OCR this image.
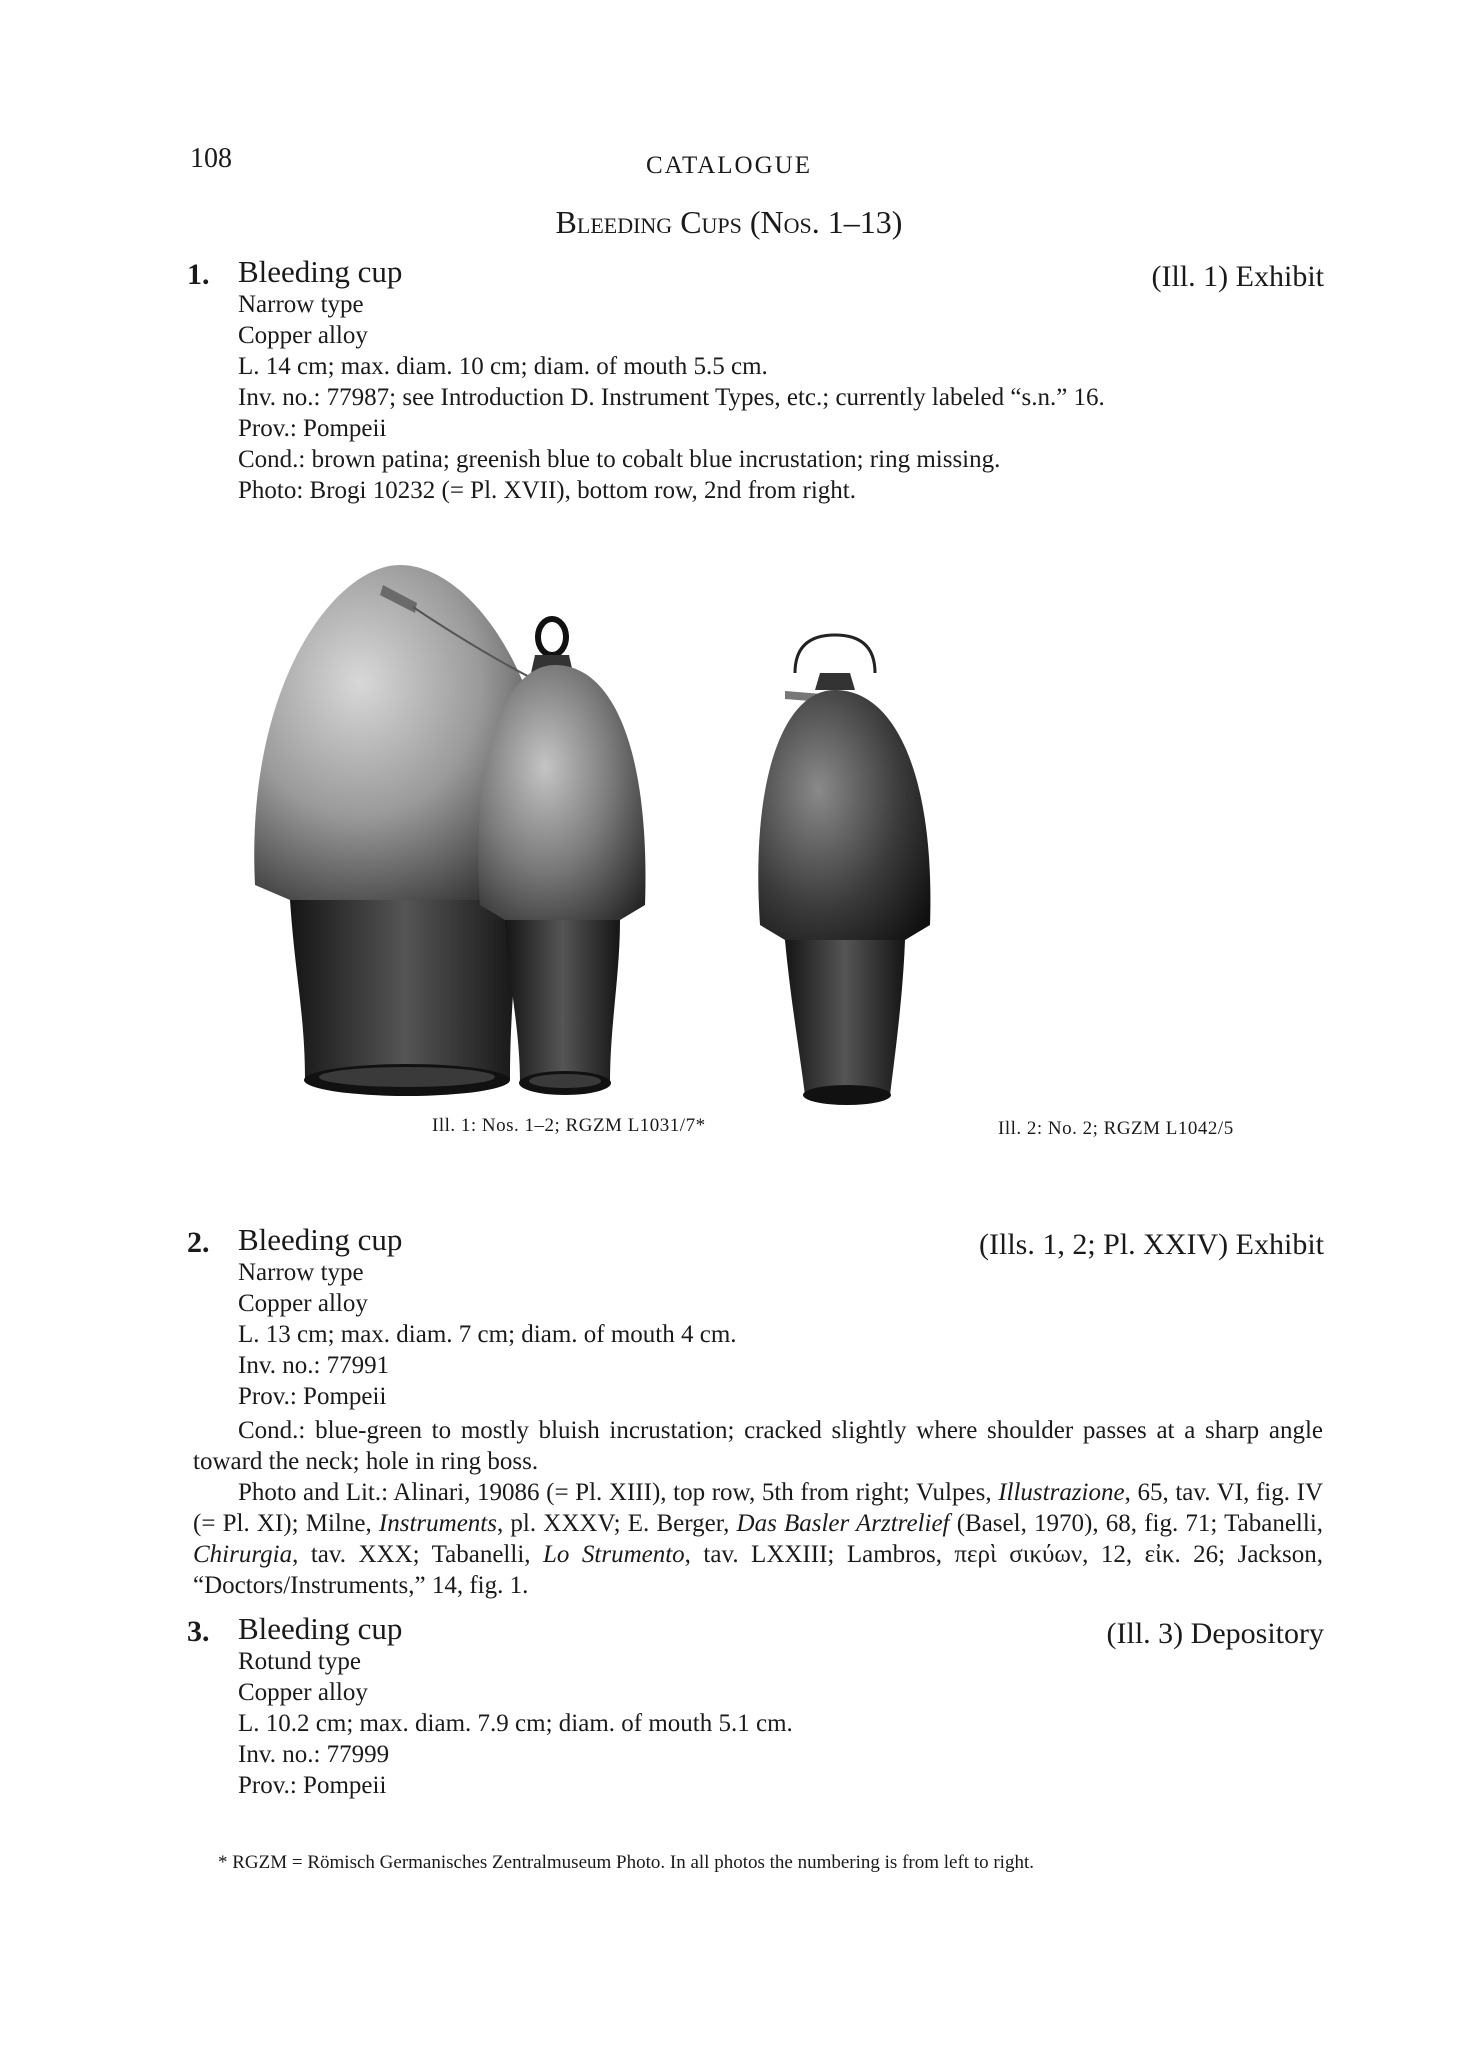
108	CATALOGUE
Bleeding Cups (Nos. 1–13)
1. Bleeding cup	(Ill. 1) Exhibit
Narrow type
Copper alloy
L. 14 cm; max. diam. 10 cm; diam. of mouth 5.5 cm.
Inv. no.: 77987; see Introduction D. Instrument Types, etc.; currently labeled “s.n.” 16.
Prov.: Pompeii
Cond.: brown patina; greenish blue to cobalt blue incrustation; ring missing.
Photo: Brogi 10232 (= Pl. XVII), bottom row, 2nd from right.
Ill. 1: Nos. 1–2; RGZM L1031/7*	Ill. 2: No. 2; RGZM L1042/5
2. Bleeding cup	(Ills. 1, 2; Pl. XXIV) Exhibit
Narrow type
Copper alloy
L. 13 cm; max. diam. 7 cm; diam. of mouth 4 cm.
Inv. no.: 77991
Prov.: Pompeii
Cond.: blue-green to mostly bluish incrustation; cracked slightly where shoulder passes at a sharp angle toward the neck; hole in ring boss.
Photo and Lit.: Alinari, 19086 (= Pl. XIII), top row, 5th from right; Vulpes, Illustrazione, 65, tav. VI, fig. IV (= Pl. XI); Milne, Instruments, pl. XXXV; E. Berger, Das Basler Arztrelief (Basel, 1970), 68, fig. 71; Tabanelli, Chirurgia, tav. XXX; Tabanelli, Lo Strumento, tav. LXXIII; Lambros, περὶ σικύων, 12, εἰκ. 26; Jackson, “Doctors/Instruments,” 14, fig. 1.
3. Bleeding cup	(Ill. 3) Depository
Rotund type
Copper alloy
L. 10.2 cm; max. diam. 7.9 cm; diam. of mouth 5.1 cm.
Inv. no.: 77999
Prov.: Pompeii
* RGZM = Römisch Germanisches Zentralmuseum Photo. In all photos the numbering is from left to right.
